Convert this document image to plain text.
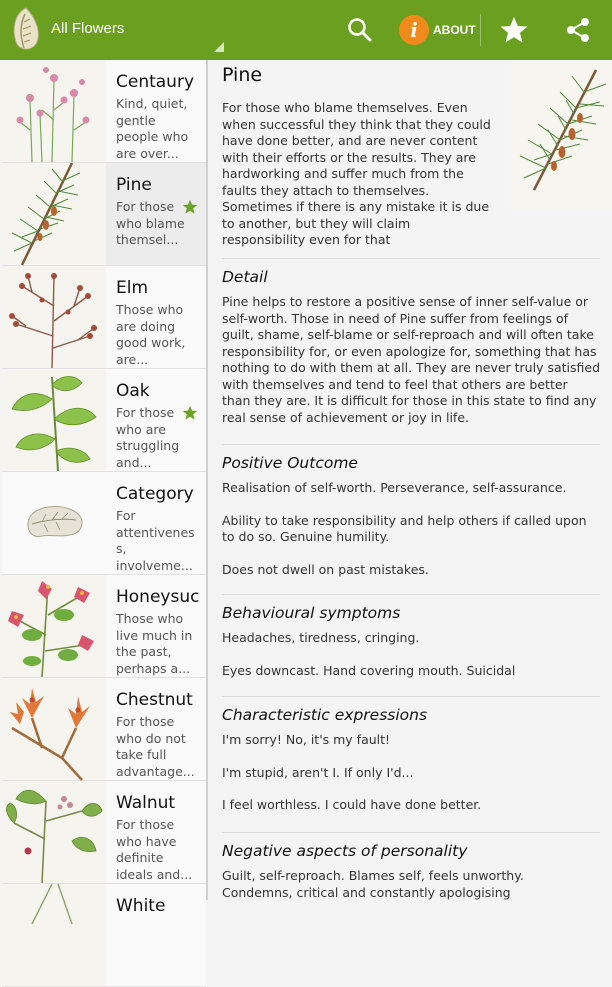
All Flowers	i	ABOUT
Centaury
Kind, quiet, gentle people who are over...
Pine
For those who blame themsel...
Elm
Those who are doing good work, are...
Oak
For those who are struggling and...
Category
For attentivenes s, involveme...
Honeysuc
Those who live much in the past, perhaps a...
Chestnut
For those who do not take full advantage...
Walnut
For those who have definite ideals and...
White
Pine
For those who blame themselves. Even when successful they think that they could have done better, and are never content with their efforts or the results. They are hardworking and suffer much from the faults they attach to themselves. Sometimes if there is any mistake it is due to another, but they will claim responsibility even for that
Detail
Pine helps to restore a positive sense of inner self-value or self-worth. Those in need of Pine suffer from feelings of guilt, shame, self-blame or self-reproach and will often take responsibility for, or even apologize for, something that has nothing to do with them at all. They are never truly satisfied with themselves and tend to feel that others are better than they are. It is difficult for those in this state to find any real sense of achievement or joy in life.
Positive Outcome
Realisation of self-worth. Perseverance, self-assurance.
Ability to take responsibility and help others if called upon to do so. Genuine humility.
Does not dwell on past mistakes.
Behavioural symptoms
Headaches, tiredness, cringing.
Eyes downcast. Hand covering mouth. Suicidal
Characteristic expressions
I'm sorry! No, it's my fault!
I'm stupid, aren't I. If only I'd...
I feel worthless. I could have done better.
Negative aspects of personality
Guilt, self-reproach. Blames self, feels unworthy.
Condemns, critical and constantly apologising
